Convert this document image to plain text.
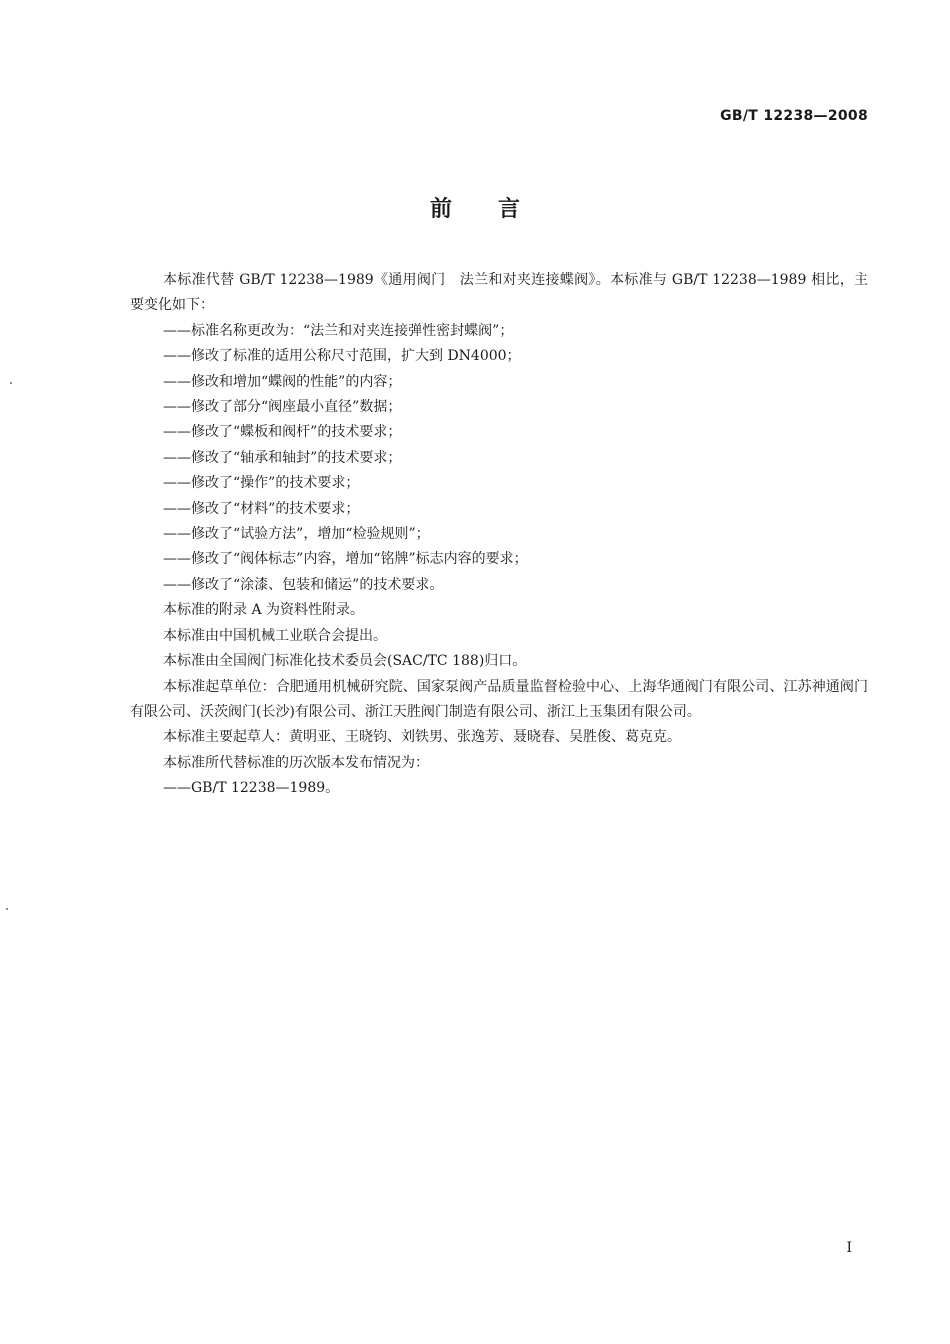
GB/T 12238—2008
前言

本标准代替 GB/T 12238—1989《通用阀门　法兰和对夹连接蝶阀》。本标准与 GB/T 12238—1989 相比，主要变化如下：

——标准名称更改为：“法兰和对夹连接弹性密封蝶阀”；

——修改了标准的适用公称尺寸范围，扩大到 DN4000；

——修改和增加“蝶阀的性能”的内容；

——修改了部分“阀座最小直径”数据；

——修改了“蝶板和阀杆”的技术要求；

——修改了“轴承和轴封”的技术要求；

——修改了“操作”的技术要求；

——修改了“材料”的技术要求；

——修改了“试验方法”，增加“检验规则”；

——修改了“阀体标志”内容，增加“铭牌”标志内容的要求；

——修改了“涂漆、包装和储运”的技术要求。

本标准的附录 A 为资料性附录。

本标准由中国机械工业联合会提出。

本标准由全国阀门标准化技术委员会(SAC/TC 188)归口。

本标准起草单位：合肥通用机械研究院、国家泵阀产品质量监督检验中心、上海华通阀门有限公司、江苏神通阀门有限公司、沃茨阀门(长沙)有限公司、浙江天胜阀门制造有限公司、浙江上玉集团有限公司。

本标准主要起草人：黄明亚、王晓钧、刘铁男、张逸芳、聂晓春、吴胜俊、葛克克。

本标准所代替标准的历次版本发布情况为：

——GB/T 12238—1989。

I
